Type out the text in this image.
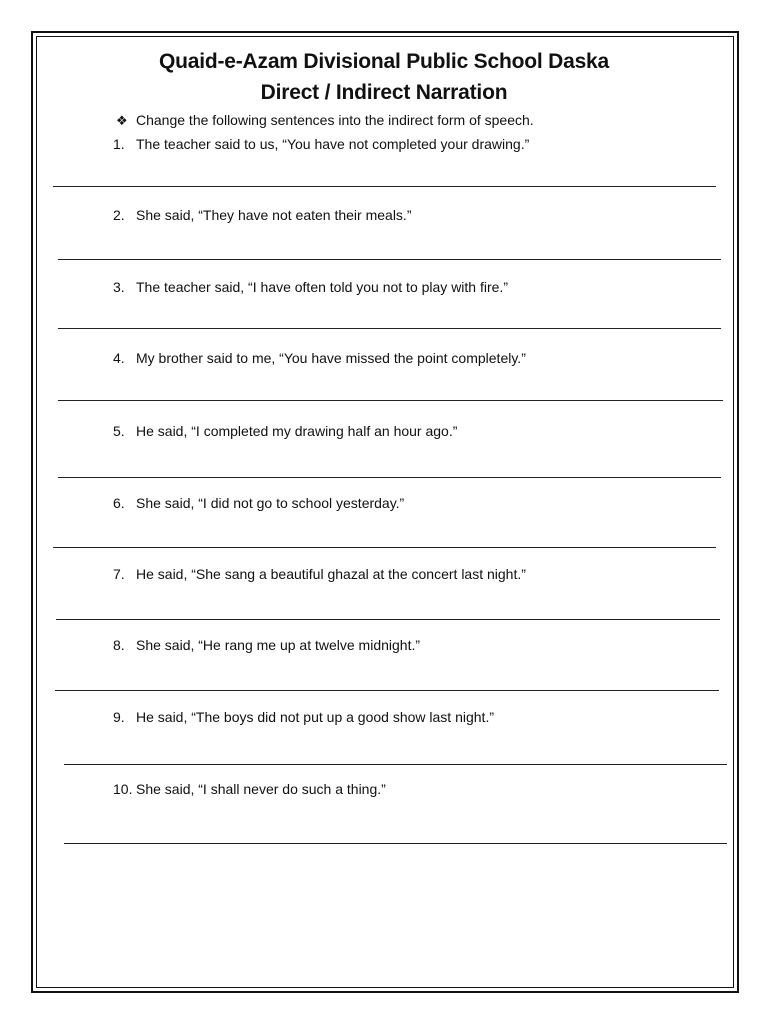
Quaid-e-Azam Divisional Public School Daska
Direct / Indirect Narration
❖ Change the following sentences into the indirect form of speech.
1. The teacher said to us, “You have not completed your drawing.”
2. She said, “They have not eaten their meals.”
3. The teacher said, “I have often told you not to play with fire.”
4. My brother said to me, “You have missed the point completely.”
5. He said, “I completed my drawing half an hour ago.”
6. She said, “I did not go to school yesterday.”
7. He said, “She sang a beautiful ghazal at the concert last night.”
8. She said, “He rang me up at twelve midnight.”
9. He said, “The boys did not put up a good show last night.”
10. She said, “I shall never do such a thing.”
